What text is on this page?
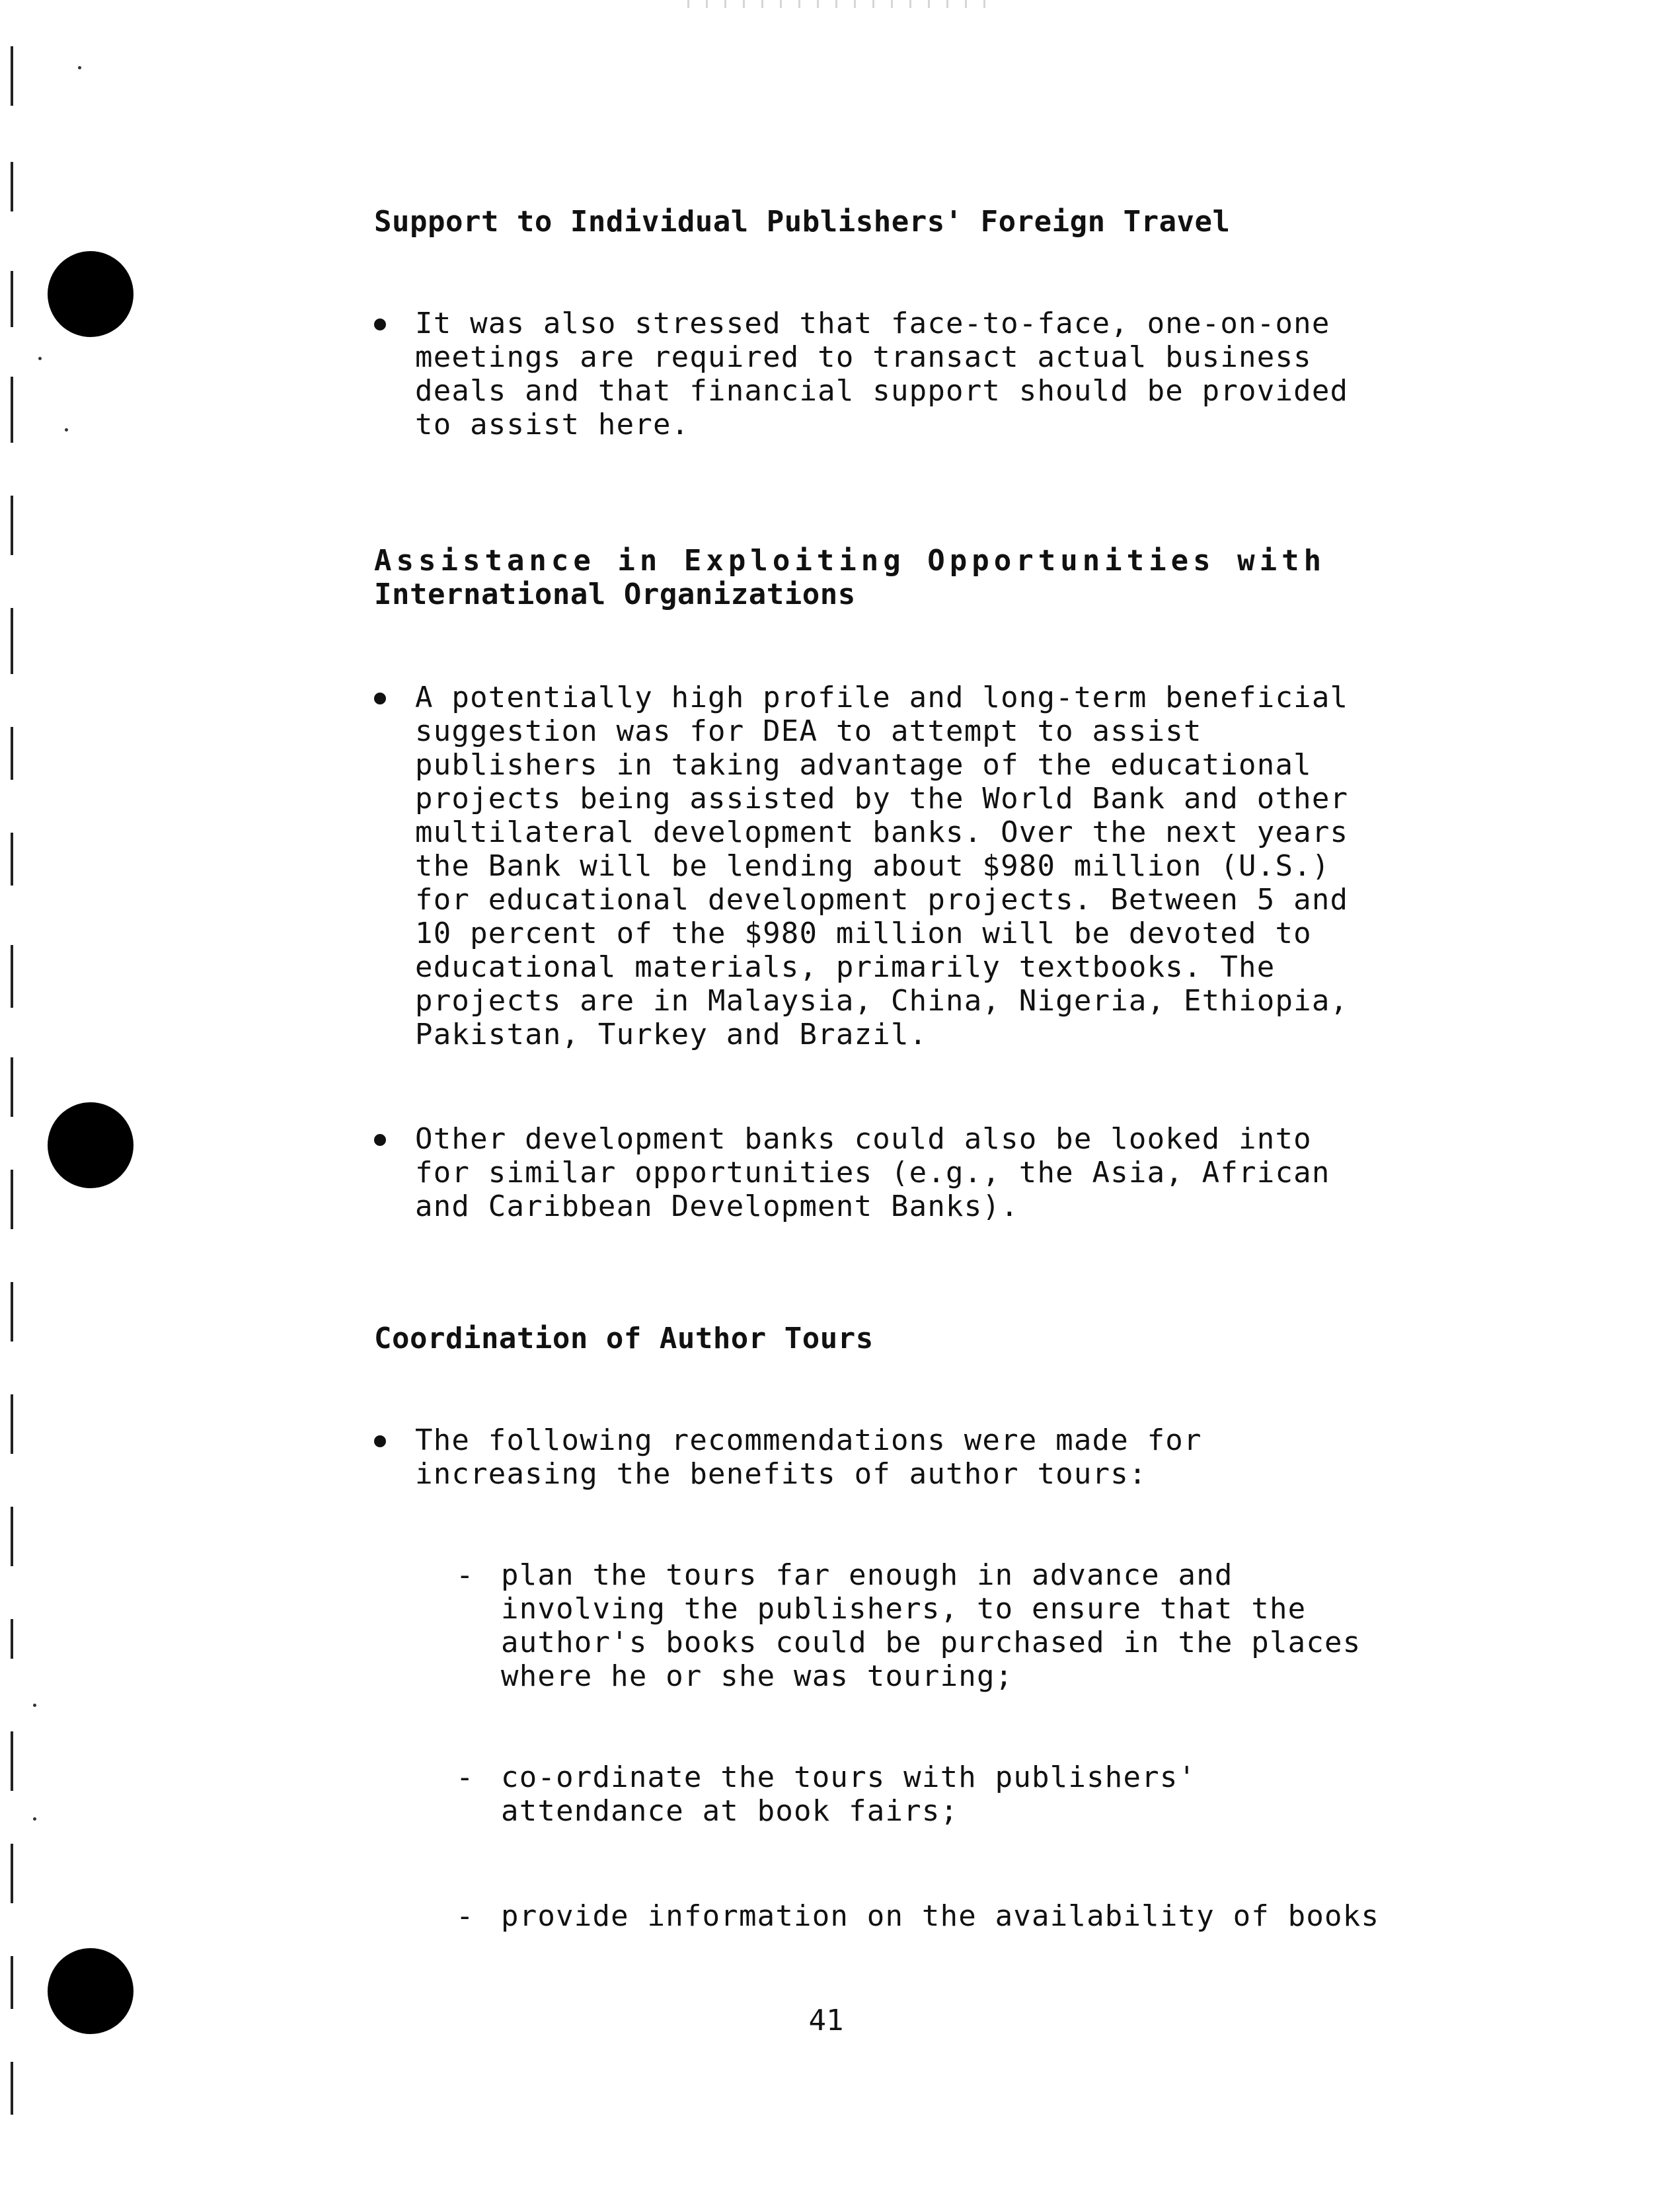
Support to Individual Publishers' Foreign Travel

It was also stressed that face-to-face, one-on-one
meetings are required to transact actual business
deals and that financial support should be provided
to assist here.

Assistance in Exploiting Opportunities with
International Organizations

A potentially high profile and long-term beneficial
suggestion was for DEA to attempt to assist
publishers in taking advantage of the educational
projects being assisted by the World Bank and other
multilateral development banks. Over the next years
the Bank will be lending about $980 million (U.S.)
for educational development projects. Between 5 and
10 percent of the $980 million will be devoted to
educational materials, primarily textbooks. The
projects are in Malaysia, China, Nigeria, Ethiopia,
Pakistan, Turkey and Brazil.

Other development banks could also be looked into
for similar opportunities (e.g., the Asia, African
and Caribbean Development Banks).

Coordination of Author Tours

The following recommendations were made for
increasing the benefits of author tours:

- plan the tours far enough in advance and
involving the publishers, to ensure that the
author's books could be purchased in the places
where he or she was touring;

- co-ordinate the tours with publishers'
attendance at book fairs;

- provide information on the availability of books

41
